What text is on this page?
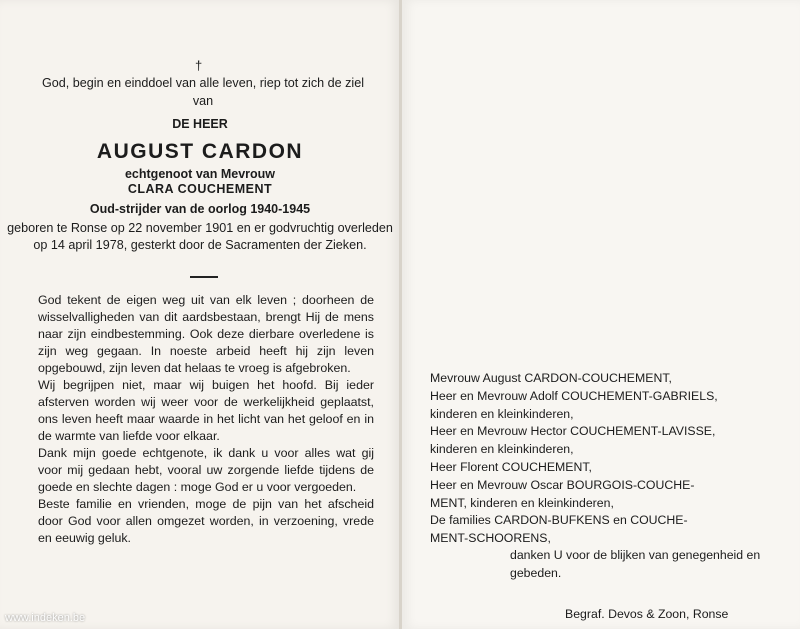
†
God, begin en einddoel van alle leven, riep tot zich de ziel van
DE HEER
AUGUST CARDON
echtgenoot van Mevrouw
CLARA COUCHEMENT
Oud-strijder van de oorlog 1940-1945
geboren te Ronse op 22 november 1901 en er godvruchtig overleden op 14 april 1978, gesterkt door de Sacramenten der Zieken.

God tekent de eigen weg uit van elk leven ; doorheen de wisselvalligheden van dit aardsbestaan, brengt Hij de mens naar zijn eindbestemming. Ook deze dierbare overledene is zijn weg gegaan. In noeste arbeid heeft hij zijn leven opgebouwd, zijn leven dat helaas te vroeg is afgebroken.

Wij begrijpen niet, maar wij buigen het hoofd. Bij ieder afsterven worden wij weer voor de werkelijkheid geplaatst, ons leven heeft maar waarde in het licht van het geloof en in de warmte van liefde voor elkaar.

Dank mijn goede echtgenote, ik dank u voor alles wat gij voor mij gedaan hebt, vooral uw zorgende liefde tijdens de goede en slechte dagen : moge God er u voor vergoeden.

Beste familie en vrienden, moge de pijn van het afscheid door God voor allen omgezet worden, in verzoening, vrede en eeuwig geluk.

Mevrouw August CARDON-COUCHEMENT,

Heer en Mevrouw Adolf COUCHEMENT-GABRIELS,

kinderen en kleinkinderen,

Heer en Mevrouw Hector COUCHEMENT-LAVISSE,

kinderen en kleinkinderen,

Heer Florent COUCHEMENT,

Heer en Mevrouw Oscar BOURGOIS-COUCHE-

MENT, kinderen en kleinkinderen,

De families CARDON-BUFKENS en COUCHE-

MENT-SCHOORENS,

danken U voor de blijken van genegenheid en gebeden.
Begraf. Devos & Zoon, Ronse
www.indeken.be
